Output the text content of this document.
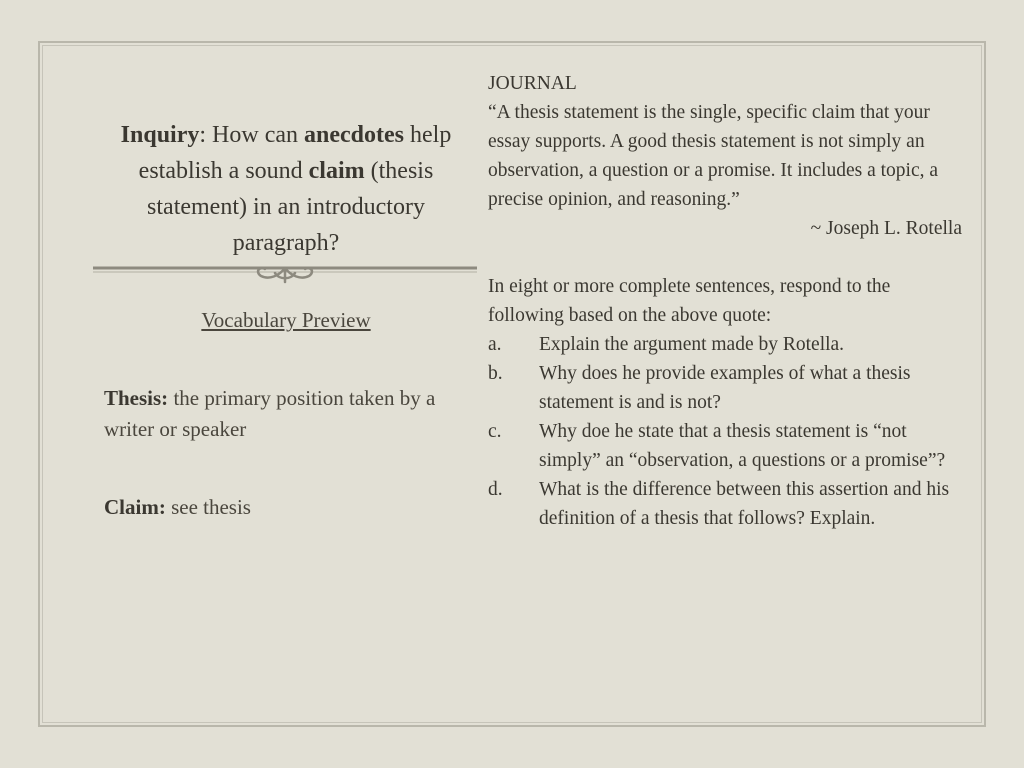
Inquiry: How can anecdotes help establish a sound claim (thesis statement) in an introductory paragraph?
Vocabulary Preview
Thesis: the primary position taken by a writer or speaker
Claim: see thesis

JOURNAL

“A thesis statement is the single, specific claim that your essay supports. A good thesis statement is not simply an observation, a question or a promise. It includes a topic, a precise opinion, and reasoning.”

~ Joseph L. Rotella

In eight or more complete sentences, respond to the following based on the above quote:

a. Explain the argument made by Rotella.
b. Why does he provide examples of what a thesis statement is and is not?
c. Why doe he state that a thesis statement is “not simply” an “observation, a questions or a promise”?
d. What is the difference between this assertion and his definition of a thesis that follows? Explain.
